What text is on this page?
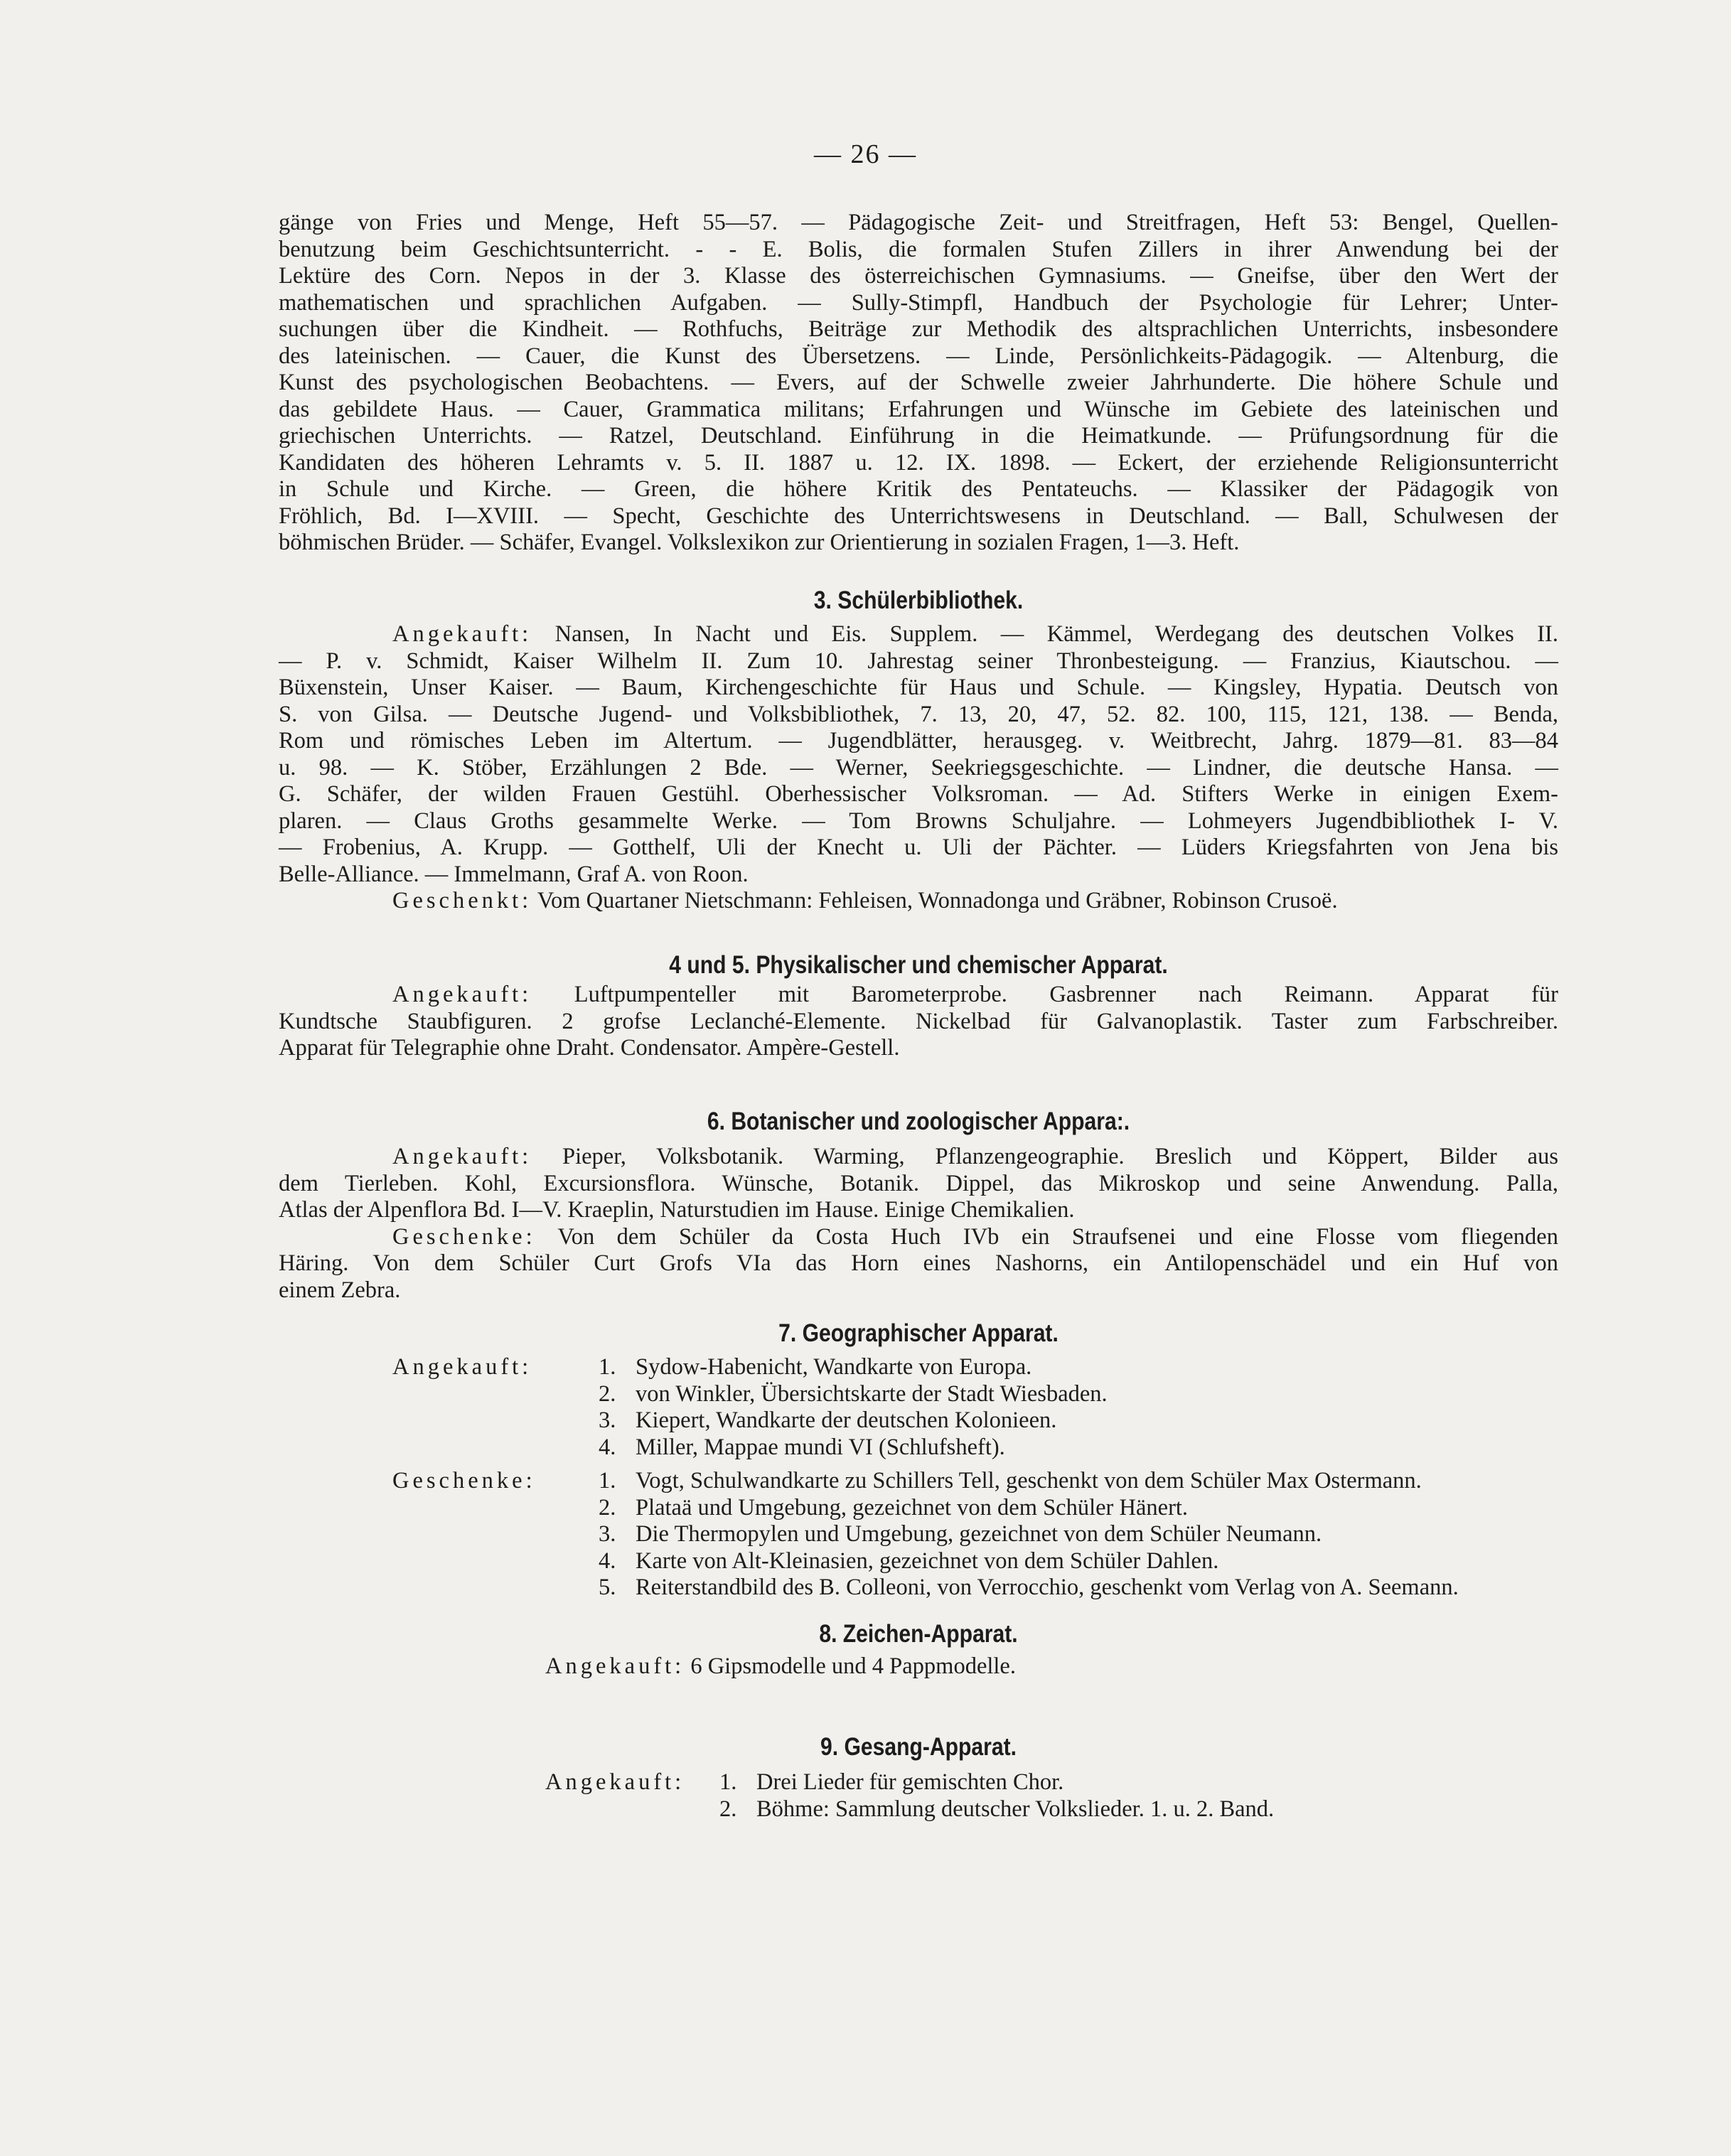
— 26 —

gänge von Fries und Menge, Heft 55—57. — Pädagogische Zeit- und Streitfragen, Heft 53: Bengel, Quellen-
benutzung beim Geschichtsunterricht. - - E. Bolis, die formalen Stufen Zillers in ihrer Anwendung bei der
Lektüre des Corn. Nepos in der 3. Klasse des österreichischen Gymnasiums. — Gneifse, über den Wert der
mathematischen und sprachlichen Aufgaben. — Sully-Stimpfl, Handbuch der Psychologie für Lehrer; Unter-
suchungen über die Kindheit. — Rothfuchs, Beiträge zur Methodik des altsprachlichen Unterrichts, insbesondere
des lateinischen. — Cauer, die Kunst des Übersetzens. — Linde, Persönlichkeits-Pädagogik. — Altenburg, die
Kunst des psychologischen Beobachtens. — Evers, auf der Schwelle zweier Jahrhunderte. Die höhere Schule und
das gebildete Haus. — Cauer, Grammatica militans; Erfahrungen und Wünsche im Gebiete des lateinischen und
griechischen Unterrichts. — Ratzel, Deutschland. Einführung in die Heimatkunde. — Prüfungsordnung für die
Kandidaten des höheren Lehramts v. 5. II. 1887 u. 12. IX. 1898. — Eckert, der erziehende Religionsunterricht
in Schule und Kirche. — Green, die höhere Kritik des Pentateuchs. — Klassiker der Pädagogik von
Fröhlich, Bd. I—XVIII. — Specht, Geschichte des Unterrichtswesens in Deutschland. — Ball, Schulwesen der
böhmischen Brüder. — Schäfer, Evangel. Volkslexikon zur Orientierung in sozialen Fragen, 1—3. Heft.

3. Schülerbibliothek.

Angekauft: Nansen, In Nacht und Eis. Supplem. — Kämmel, Werdegang des deutschen Volkes II.
— P. v. Schmidt, Kaiser Wilhelm II. Zum 10. Jahrestag seiner Thronbesteigung. — Franzius, Kiautschou. —
Büxenstein, Unser Kaiser. — Baum, Kirchengeschichte für Haus und Schule. — Kingsley, Hypatia. Deutsch von
S. von Gilsa. — Deutsche Jugend- und Volksbibliothek, 7. 13, 20, 47, 52. 82. 100, 115, 121, 138. — Benda,
Rom und römisches Leben im Altertum. — Jugendblätter, herausgeg. v. Weitbrecht, Jahrg. 1879—81. 83—84
u. 98. — K. Stöber, Erzählungen 2 Bde. — Werner, Seekriegsgeschichte. — Lindner, die deutsche Hansa. —
G. Schäfer, der wilden Frauen Gestühl. Oberhessischer Volksroman. — Ad. Stifters Werke in einigen Exem-
plaren. — Claus Groths gesammelte Werke. — Tom Browns Schuljahre. — Lohmeyers Jugendbibliothek I- V.
— Frobenius, A. Krupp. — Gotthelf, Uli der Knecht u. Uli der Pächter. — Lüders Kriegsfahrten von Jena bis
Belle-Alliance. — Immelmann, Graf A. von Roon.
Geschenkt: Vom Quartaner Nietschmann: Fehleisen, Wonnadonga und Gräbner, Robinson Crusoë.

4 und 5. Physikalischer und chemischer Apparat.

Angekauft: Luftpumpenteller mit Barometerprobe. Gasbrenner nach Reimann. Apparat für
Kundtsche Staubfiguren. 2 grofse Leclanché-Elemente. Nickelbad für Galvanoplastik. Taster zum Farbschreiber.
Apparat für Telegraphie ohne Draht. Condensator. Ampère-Gestell.

6. Botanischer und zoologischer Appara:.

Angekauft: Pieper, Volksbotanik. Warming, Pflanzengeographie. Breslich und Köppert, Bilder aus
dem Tierleben. Kohl, Excursionsflora. Wünsche, Botanik. Dippel, das Mikroskop und seine Anwendung. Palla,
Atlas der Alpenflora Bd. I—V. Kraeplin, Naturstudien im Hause. Einige Chemikalien.
Geschenke: Von dem Schüler da Costa Huch IVb ein Straufsenei und eine Flosse vom fliegenden
Häring. Von dem Schüler Curt Grofs VIa das Horn eines Nashorns, ein Antilopenschädel und ein Huf von
einem Zebra.

7. Geographischer Apparat.
Angekauft:	1. Sydow-Habenicht, Wandkarte von Europa.
2. von Winkler, Übersichtskarte der Stadt Wiesbaden.
3. Kiepert, Wandkarte der deutschen Kolonieen.
4. Miller, Mappae mundi VI (Schlufsheft).
Geschenke:	1. Vogt, Schulwandkarte zu Schillers Tell, geschenkt von dem Schüler Max Ostermann.
2. Plataä und Umgebung, gezeichnet von dem Schüler Hänert.
3. Die Thermopylen und Umgebung, gezeichnet von dem Schüler Neumann.
4. Karte von Alt-Kleinasien, gezeichnet von dem Schüler Dahlen.
5. Reiterstandbild des B. Colleoni, von Verrocchio, geschenkt vom Verlag von A. Seemann.
8. Zeichen-Apparat.
Angekauft: 6 Gipsmodelle und 4 Pappmodelle.
9. Gesang-Apparat.
Angekauft:	1. Drei Lieder für gemischten Chor.
2. Böhme: Sammlung deutscher Volkslieder. 1. u. 2. Band.
